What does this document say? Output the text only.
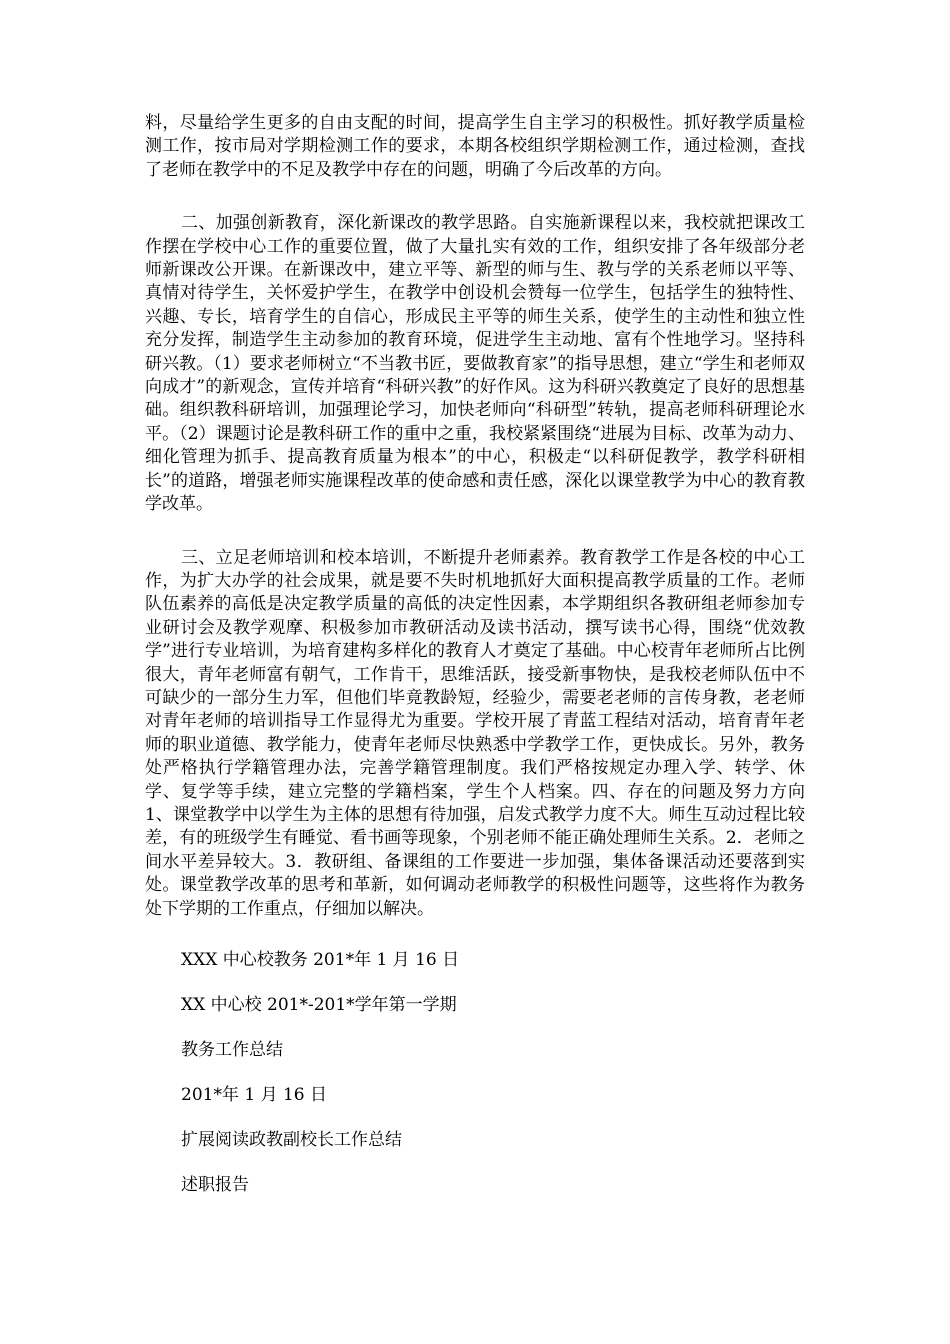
料，尽量给学生更多的自由支配的时间，提高学生自主学习的积极性。抓好教学质量检测工作，按市局对学期检测工作的要求，本期各校组织学期检测工作，通过检测，查找了老师在教学中的不足及教学中存在的问题，明确了今后改革的方向。

二、加强创新教育，深化新课改的教学思路。自实施新课程以来，我校就把课改工作摆在学校中心工作的重要位置，做了大量扎实有效的工作，组织安排了各年级部分老师新课改公开课。在新课改中，建立平等、新型的师与生、教与学的关系老师以平等、真情对待学生，关怀爱护学生，在教学中创设机会赞每一位学生，包括学生的独特性、兴趣、专长，培育学生的自信心，形成民主平等的师生关系，使学生的主动性和独立性充分发挥，制造学生主动参加的教育环境，促进学生主动地、富有个性地学习。坚持科研兴教。（1）要求老师树立“不当教书匠，要做教育家”的指导思想，建立“学生和老师双向成才”的新观念，宣传并培育“科研兴教”的好作风。这为科研兴教奠定了良好的思想基础。组织教科研培训，加强理论学习，加快老师向“科研型”转轨，提高老师科研理论水平。（2）课题讨论是教科研工作的重中之重，我校紧紧围绕“进展为目标、改革为动力、细化管理为抓手、提高教育质量为根本”的中心，积极走“以科研促教学，教学科研相长”的道路，增强老师实施课程改革的使命感和责任感，深化以课堂教学为中心的教育教学改革。

三、立足老师培训和校本培训，不断提升老师素养。教育教学工作是各校的中心工作，为扩大办学的社会成果，就是要不失时机地抓好大面积提高教学质量的工作。老师队伍素养的高低是决定教学质量的高低的决定性因素，本学期组织各教研组老师参加专业研讨会及教学观摩、积极参加市教研活动及读书活动，撰写读书心得，围绕“优效教学”进行专业培训，为培育建构多样化的教育人才奠定了基础。中心校青年老师所占比例很大，青年老师富有朝气，工作肯干，思维活跃，接受新事物快，是我校老师队伍中不可缺少的一部分生力军，但他们毕竟教龄短，经验少，需要老老师的言传身教，老老师对青年老师的培训指导工作显得尤为重要。学校开展了青蓝工程结对活动，培育青年老师的职业道德、教学能力，使青年老师尽快熟悉中学教学工作，更快成长。另外，教务处严格执行学籍管理办法，完善学籍管理制度。我们严格按规定办理入学、转学、休学、复学等手续，建立完整的学籍档案，学生个人档案。四、存在的问题及努力方向 1、课堂教学中以学生为主体的思想有待加强，启发式教学力度不大。师生互动过程比较差，有的班级学生有睡觉、看书画等现象，个别老师不能正确处理师生关系。2．老师之间水平差异较大。3．教研组、备课组的工作要进一步加强，集体备课活动还要落到实处。课堂教学改革的思考和革新，如何调动老师教学的积极性问题等，这些将作为教务处下学期的工作重点，仔细加以解决。

XXX 中心校教务 201*年 1 月 16 日

XX 中心校 201*-201*学年第一学期

教务工作总结

201*年 1 月 16 日

扩展阅读政教副校长工作总结

述职报告
